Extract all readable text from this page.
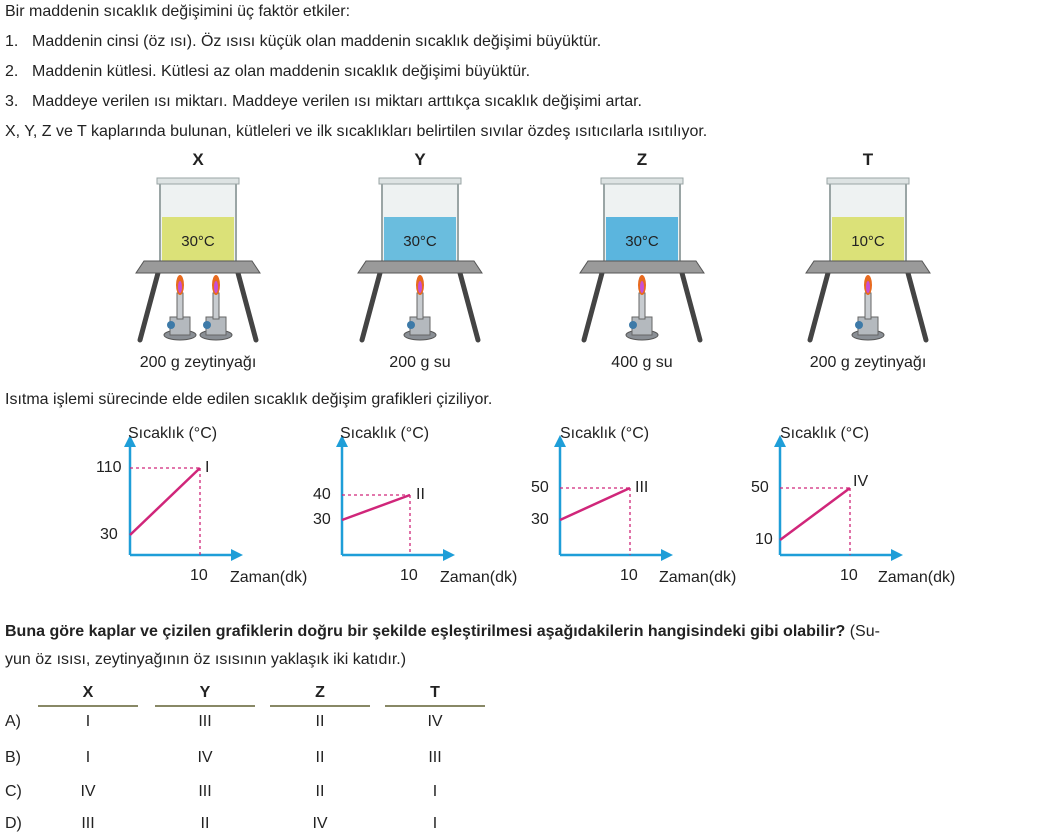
Bir maddenin sıcaklık değişimini üç faktör etkiler:
1. Maddenin cinsi (öz ısı). Öz ısısı küçük olan maddenin sıcaklık değişimi büyüktür.
2. Maddenin kütlesi. Kütlesi az olan maddenin sıcaklık değişimi büyüktür.
3. Maddeye verilen ısı miktarı. Maddeye verilen ısı miktarı arttıkça sıcaklık değişimi artar.
X, Y, Z ve T kaplarında bulunan, kütleleri ve ilk sıcaklıkları belirtilen sıvılar özdeş ısıtıcılarla ısıtılıyor.
X	Y	Z	T
30°C	30°C	30°C	10°C
200 g zeytinyağı	200 g su	400 g su	200 g zeytinyağı
Isıtma işlemi sürecinde elde edilen sıcaklık değişim grafikleri çiziliyor.
Sıcaklık (°C)	Sıcaklık (°C)	Sıcaklık (°C)	Sıcaklık (°C)
110
30
I
40
30
II	50
30
III	50
10
IV
10 Zaman(dk)	10 Zaman(dk)	10 Zaman(dk)	10 Zaman(dk)
Buna göre kaplar ve çizilen grafiklerin doğru bir şekilde eşleştirilmesi aşağıdakilerin hangisindeki gibi olabilir? (Su-
yun öz ısısı, zeytinyağının öz ısısının yaklaşık iki katıdır.)
X	Y	Z	T
A)	I	III	II	IV
B)	I	IV	II	III
C)	IV	III	II	I
D)	III	II	IV	I
